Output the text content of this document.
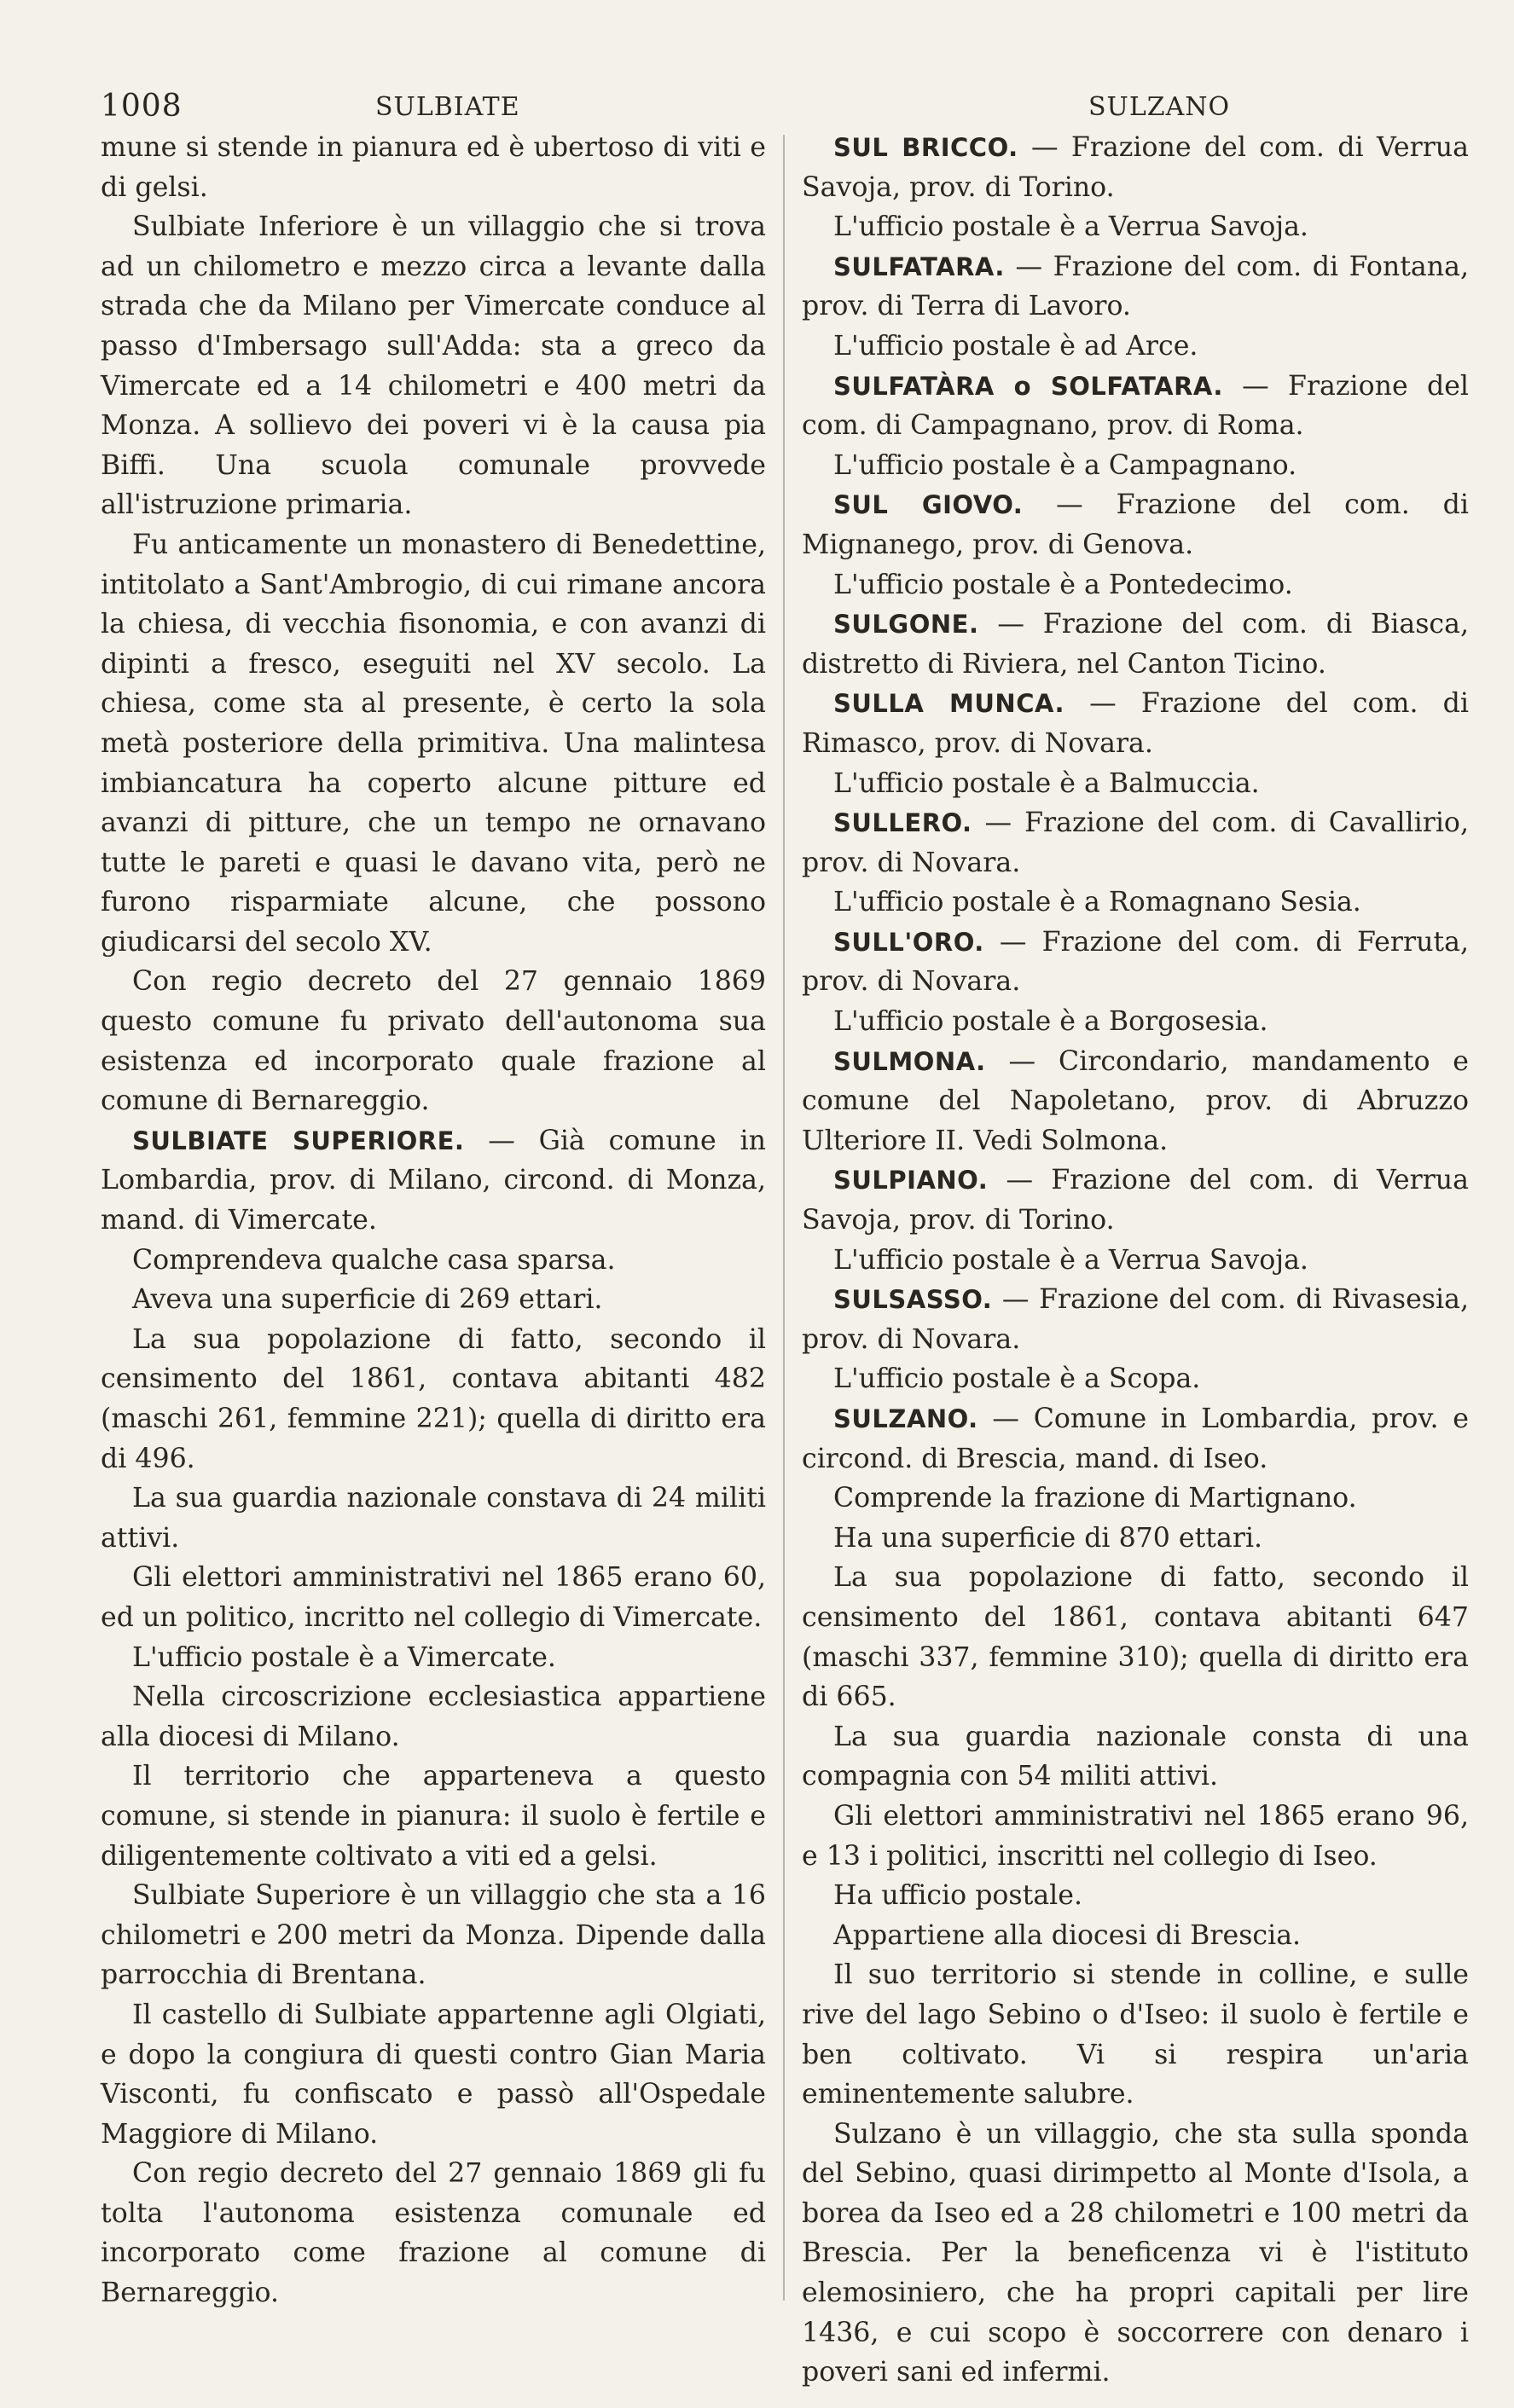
1008	SULBIATE	SULZANO

mune si stende in pianura ed è ubertoso di viti e di gelsi.

Sulbiate Inferiore è un villaggio che si trova ad un chilometro e mezzo circa a levante dalla strada che da Milano per Vimercate conduce al passo d'Imbersago sull'Adda: sta a greco da Vimercate ed a 14 chilometri e 400 metri da Monza. A sollievo dei poveri vi è la causa pia Biffi. Una scuola comunale provvede all'istruzione primaria.

Fu anticamente un monastero di Benedettine, intitolato a Sant'Ambrogio, di cui rimane ancora la chiesa, di vecchia fisonomia, e con avanzi di dipinti a fresco, eseguiti nel XV secolo. La chiesa, come sta al presente, è certo la sola metà posteriore della primitiva. Una malintesa imbiancatura ha coperto alcune pitture ed avanzi di pitture, che un tempo ne ornavano tutte le pareti e quasi le davano vita, però ne furono risparmiate alcune, che possono giudicarsi del secolo XV.

Con regio decreto del 27 gennaio 1869 questo comune fu privato dell'autonoma sua esistenza ed incorporato quale frazione al comune di Bernareggio.

SULBIATE SUPERIORE. — Già comune in Lombardia, prov. di Milano, circond. di Monza, mand. di Vimercate.

Comprendeva qualche casa sparsa.

Aveva una superficie di 269 ettari.

La sua popolazione di fatto, secondo il censimento del 1861, contava abitanti 482 (maschi 261, femmine 221); quella di diritto era di 496.

La sua guardia nazionale constava di 24 militi attivi.

Gli elettori amministrativi nel 1865 erano 60, ed un politico, incritto nel collegio di Vimercate.

L'ufficio postale è a Vimercate.

Nella circoscrizione ecclesiastica appartiene alla diocesi di Milano.

Il territorio che apparteneva a questo comune, si stende in pianura: il suolo è fertile e diligentemente coltivato a viti ed a gelsi.

Sulbiate Superiore è un villaggio che sta a 16 chilometri e 200 metri da Monza. Dipende dalla parrocchia di Brentana.

Il castello di Sulbiate appartenne agli Olgiati, e dopo la congiura di questi contro Gian Maria Visconti, fu confiscato e passò all'Ospedale Maggiore di Milano.

Con regio decreto del 27 gennaio 1869 gli fu tolta l'autonoma esistenza comunale ed incorporato come frazione al comune di Bernareggio.

SUL BRICCO. — Frazione del com. di Verrua Savoja, prov. di Torino.

L'ufficio postale è a Verrua Savoja.

SULFATARA. — Frazione del com. di Fontana, prov. di Terra di Lavoro.

L'ufficio postale è ad Arce.

SULFATÀRA o SOLFATARA. — Frazione del com. di Campagnano, prov. di Roma.

L'ufficio postale è a Campagnano.

SUL GIOVO. — Frazione del com. di Mignanego, prov. di Genova.

L'ufficio postale è a Pontedecimo.

SULGONE. — Frazione del com. di Biasca, distretto di Riviera, nel Canton Ticino.

SULLA MUNCA. — Frazione del com. di Rimasco, prov. di Novara.

L'ufficio postale è a Balmuccia.

SULLERO. — Frazione del com. di Cavallirio, prov. di Novara.

L'ufficio postale è a Romagnano Sesia.

SULL'ORO. — Frazione del com. di Ferruta, prov. di Novara.

L'ufficio postale è a Borgosesia.

SULMONA. — Circondario, mandamento e comune del Napoletano, prov. di Abruzzo Ulteriore II. Vedi Solmona.

SULPIANO. — Frazione del com. di Verrua Savoja, prov. di Torino.

L'ufficio postale è a Verrua Savoja.

SULSASSO. — Frazione del com. di Rivasesia, prov. di Novara.

L'ufficio postale è a Scopa.

SULZANO. — Comune in Lombardia, prov. e circond. di Brescia, mand. di Iseo.

Comprende la frazione di Martignano.

Ha una superficie di 870 ettari.

La sua popolazione di fatto, secondo il censimento del 1861, contava abitanti 647 (maschi 337, femmine 310); quella di diritto era di 665.

La sua guardia nazionale consta di una compagnia con 54 militi attivi.

Gli elettori amministrativi nel 1865 erano 96, e 13 i politici, inscritti nel collegio di Iseo.

Ha ufficio postale.

Appartiene alla diocesi di Brescia.

Il suo territorio si stende in colline, e sulle rive del lago Sebino o d'Iseo: il suolo è fertile e ben coltivato. Vi si respira un'aria eminentemente salubre.

Sulzano è un villaggio, che sta sulla sponda del Sebino, quasi dirimpetto al Monte d'Isola, a borea da Iseo ed a 28 chilometri e 100 metri da Brescia. Per la beneficenza vi è l'istituto elemosiniero, che ha propri capitali per lire 1436, e cui scopo è soccorrere con denaro i poveri sani ed infermi.
